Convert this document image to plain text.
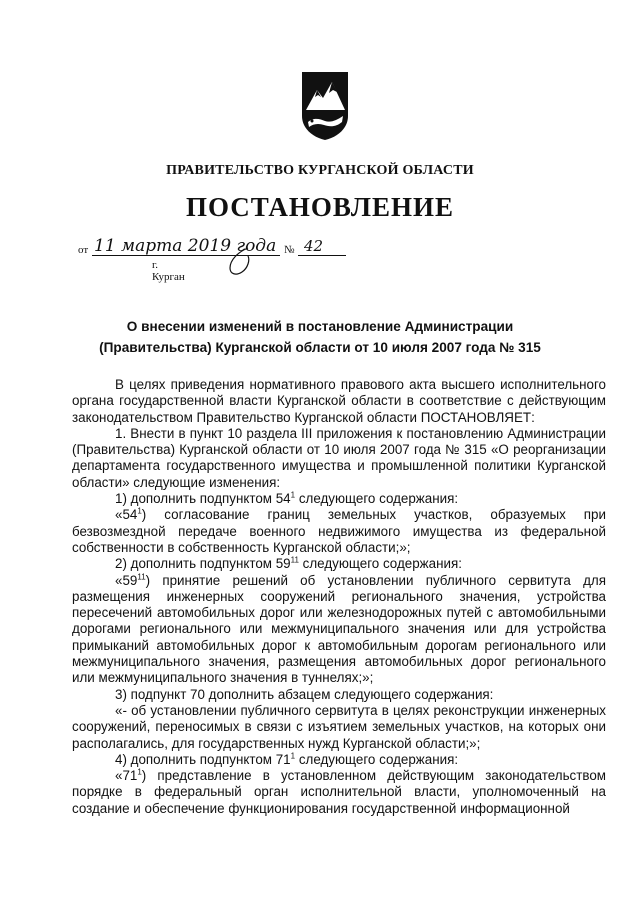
ПРАВИТЕЛЬСТВО КУРГАНСКОЙ ОБЛАСТИ
ПОСТАНОВЛЕНИЕ
от 11 марта 2019 года № 42
г. Курган
О внесении изменений в постановление Администрации
(Правительства) Курганской области от 10 июля 2007 года № 315

В целях приведения нормативного правового акта высшего исполнительного органа государственной власти Курганской области в соответствие с действующим законодательством Правительство Курганской области ПОСТАНОВЛЯЕТ:

1. Внести в пункт 10 раздела III приложения к постановлению Администрации (Правительства) Курганской области от 10 июля 2007 года № 315 «О реорганизации департамента государственного имущества и промышленной политики Курганской области» следующие изменения:

1) дополнить подпунктом $54^1$ следующего содержания:

«$54^1$) согласование границ земельных участков, образуемых при безвозмездной передаче военного недвижимого имущества из федеральной собственности в собственность Курганской области;»;

2) дополнить подпунктом $59^{11}$ следующего содержания:

«$59^{11}$) принятие решений об установлении публичного сервитута для размещения инженерных сооружений регионального значения, устройства пересечений автомобильных дорог или железнодорожных путей с автомобильными дорогами регионального или межмуниципального значения или для устройства примыканий автомобильных дорог к автомобильным дорогам регионального или межмуниципального значения, размещения автомобильных дорог регионального или межмуниципального значения в туннелях;»;

3) подпункт 70 дополнить абзацем следующего содержания:

«- об установлении публичного сервитута в целях реконструкции инженерных сооружений, переносимых в связи с изъятием земельных участков, на которых они располагались, для государственных нужд Курганской области;»;

4) дополнить подпунктом $71^1$ следующего содержания:

«$71^1$) представление в установленном действующим законодательством порядке в федеральный орган исполнительной власти, уполномоченный на создание и обеспечение функционирования государственной информационной
